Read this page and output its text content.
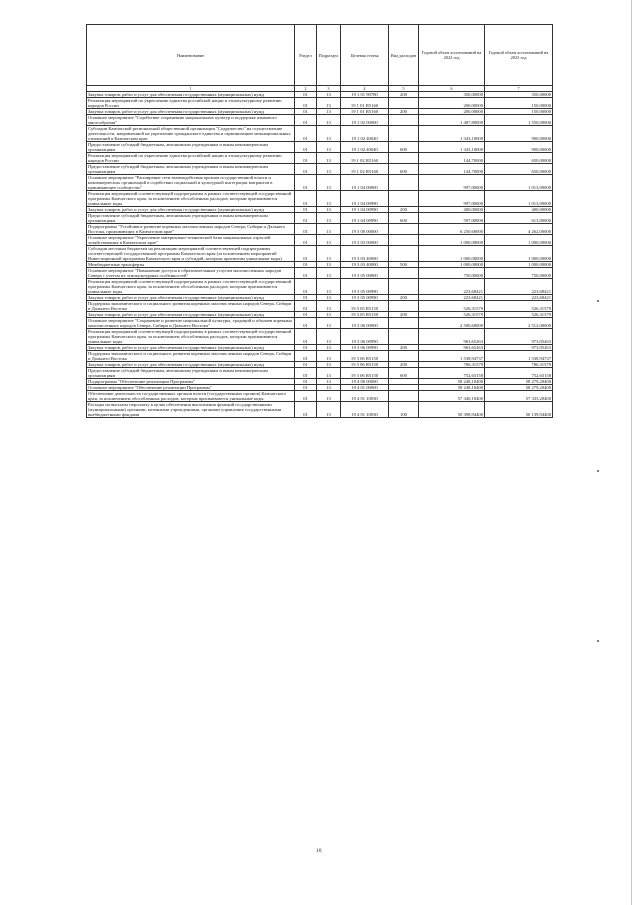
Наименование	Раздел	Подраздел	Целевая статья	Вид расходов	Годовой объем ассигнований на 2022 год	Годовой объем ассигнований на 2023 год
1	2	3	4	5	6	7
Закупка товаров, работ и услуг для обеспечения государственных (муниципальных) нужд	01	13	19 1 01 90780	200	350,00000	350,00000
Реализация мероприятий по укреплению единства российской нации и этнокультурному развитию народов России	01	13	19 1 01 R5160		200,00000	150,00000
Закупка товаров, работ и услуг для обеспечения государственных (муниципальных) нужд	01	13	19 1 01 R5160	200	200,00000	150,00000
Основное мероприятие "Содействие сохранению национальных культур и поддержке языкового многообразия"	01	13	19 1 02 00000		1 487,80000	1 550,00000
Субсидии Камчатской региональной общественной организации "Содружество" на осуществление деятельности, направленной на укрепление гражданского единства и гармонизацию межнациональных отношений в Камчатском крае	01	13	19 1 02 40040		1 343,10000	900,00000
Предоставление субсидий бюджетным, автономным учреждениям и иным некоммерческим организациям	01	13	19 1 02 40040	600	1 343,10000	900,00000
Реализация мероприятий по укреплению единства российской нации и этнокультурному развитию народов России	01	13	19 1 02 R5160		144,70000	650,00000
Предоставление субсидий бюджетным, автономным учреждениям и иным некоммерческим организациям	01	13	19 1 02 R5160	600	144,70000	650,00000
Основное мероприятие "Расширение сети взаимодействия органов государственной власти и некоммерческих организаций в содействии социальной и культурной интеграции мигрантов в принимающее сообщество"	01	13	19 1 04 00000		997,00000	1 013,00000
Реализация мероприятий соответствующей подпрограммы в рамках соответствующей государственной программы Камчатского края, за исключением обособленных расходов, которым присваиваются уникальные коды	01	13	19 1 04 00990		997,00000	1 013,00000
Закупка товаров, работ и услуг для обеспечения государственных (муниципальных) нужд	01	13	19 1 04 00990	200	400,00000	400,00000
Предоставление субсидий бюджетным, автономным учреждениям и иным некоммерческим организациям	01	13	19 1 04 00990	600	597,00000	613,00000
Подпрограмма "Устойчивое развитие коренных малочисленных народов Севера, Сибири и Дальнего Востока, проживающих в Камчатском крае"	01	13	19 3 00 00000		6 250,60000	4 262,00000
Основное мероприятие "Укрепление материально-технической базы национальных отраслей хозяйствования в Камчатском крае"	01	13	19 3 03 00000		1 000,00000	1 000,00000
Субсидии местным бюджетам на реализацию мероприятий соответствующей подпрограммы соответствующей государственной программы Камчатского края (за исключением мероприятий Инвестиционной программы Камчатского края и субсидий, которым присвоены уникальные коды)	01	13	19 3 03 40000		1 000,00000	1 000,00000
Межбюджетные трансферты	01	13	19 3 03 40000	500	1 000,00000	1 000,00000
Основное мероприятие "Повышение доступа к образовательным услугам малочисленных народов Севера с учетом их этнокультурных особенностей"	01	13	19 3 05 00000		750,00000	750,00000
Реализация мероприятий соответствующей подпрограммы в рамках соответствующей государственной программы Камчатского края, за исключением обособленных расходов, которым присваиваются уникальные коды	01	13	19 3 05 00990		223,68421	223,68421
Закупка товаров, работ и услуг для обеспечения государственных (муниципальных) нужд	01	13	19 3 05 00990	200	223,68421	223,68421
Поддержка экономического и социального развития коренных малочисленных народов Севера, Сибири и Дальнего Востока	01	13	19 3 05 R5150		526,31579	526,31579
Закупка товаров, работ и услуг для обеспечения государственных (муниципальных) нужд	01	13	19 3 05 R5150	200	526,31579	526,31579
Основное мероприятие "Сохранение и развитие национальной культуры, традиций и обычаев коренных малочисленных народов Севера, Сибири и Дальнего Востока"	01	13	19 3 06 00000		2 500,60000	2 512,00000
Реализация мероприятий соответствующей подпрограммы в рамках соответствующей государственной программы Камчатского края, за исключением обособленных расходов, которым присваиваются уникальные коды	01	13	19 3 06 00990		963,65263	973,05263
Закупка товаров, работ и услуг для обеспечения государственных (муниципальных) нужд	01	13	19 3 06 00990	200	963,65263	973,05263
Поддержка экономического и социального развития коренных малочисленных народов Севера, Сибири и Дальнего Востока	01	13	19 3 06 R5150		1 538,94737	1 538,94737
Закупка товаров, работ и услуг для обеспечения государственных (муниципальных) нужд	01	13	19 3 06 R5150	200	786,31579	786,31579
Предоставление субсидий бюджетным, автономным учреждениям и иным некоммерческим организациям	01	13	19 3 06 R5150	600	752,63158	752,63158
Подпрограмма "Обеспечение реализации Программы"	01	13	19 4 00 00000		58 248,10400	58 279,20400
Основное мероприятие "Обеспечение реализации Программы"	01	13	19 4 01 00000		58 248,10400	58 279,20400
Обеспечение деятельности государственных органов власти (государственных органов) Камчатского края, за исключением обособленных расходов, которым присваиваются уникальные коды	01	13	19 4 01 10030		57 340,10400	57 333,20400
Расходы на выплаты персоналу в целях обеспечения выполнения функций государственными (муниципальными) органами, казенными учреждениями, органами управления государственными внебюджетными фондами	01	13	19 4 01 10030	100	50 398,94400	50 139,94400
10
